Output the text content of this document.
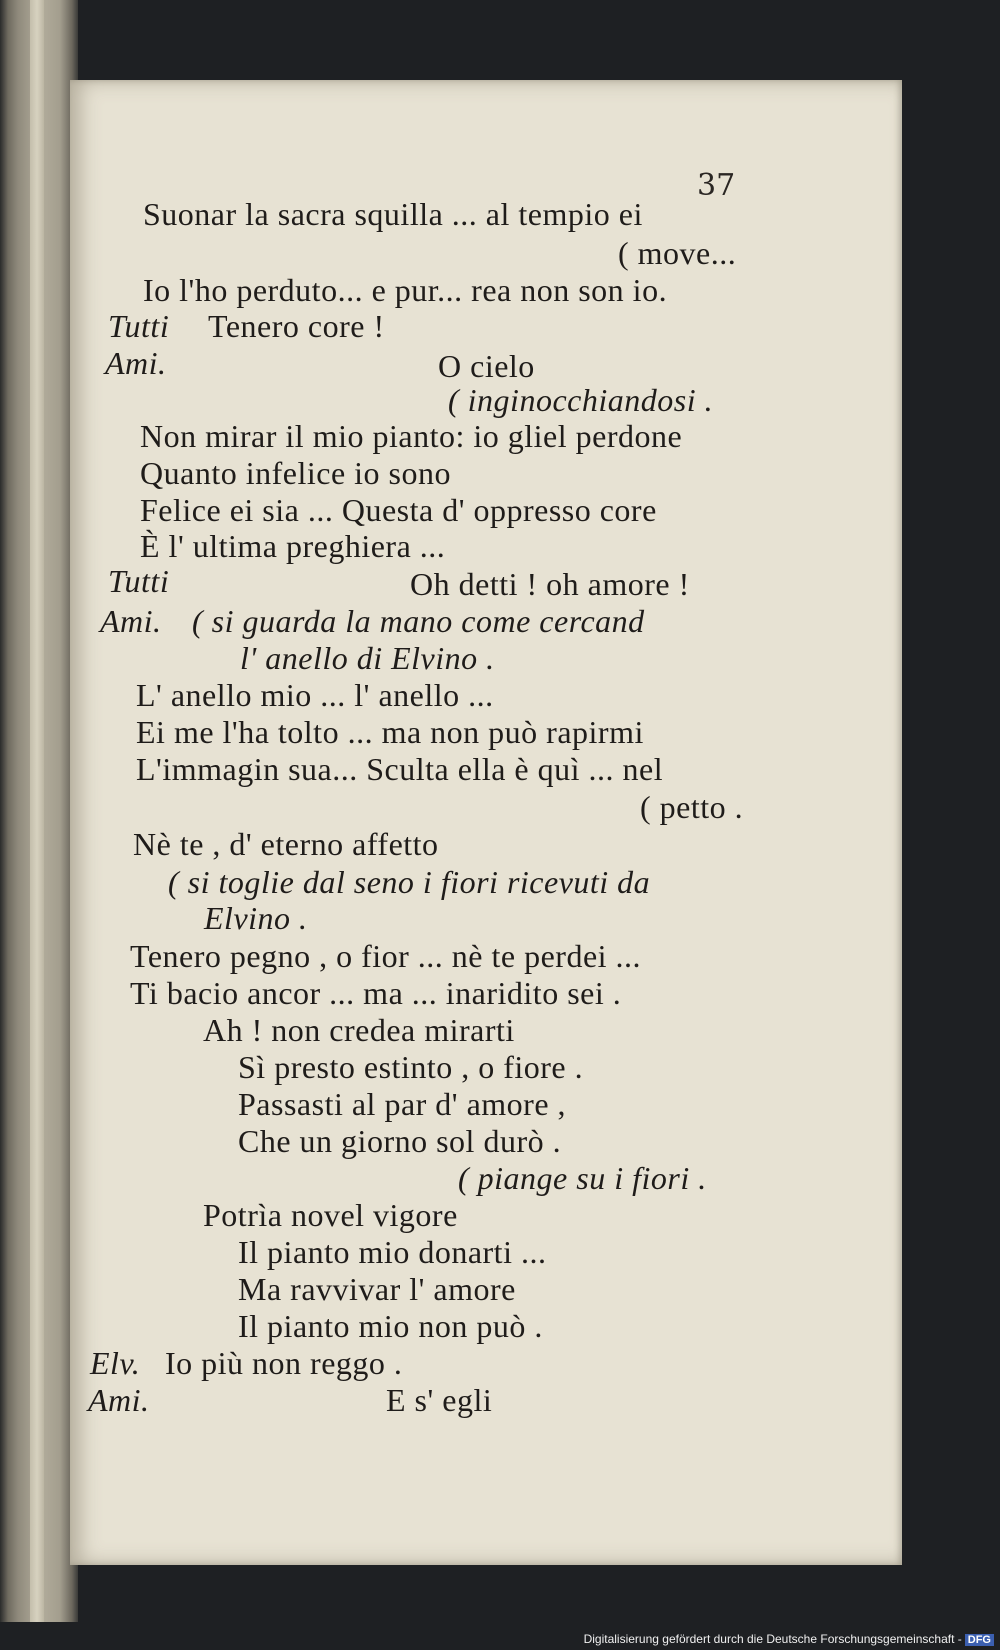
37
Suonar la sacra squilla ... al tempio ei
( move...
Io l'ho perduto... e pur... rea non son io.
Tutti Tenero core !
Ami.	O cielo
( inginocchiandosi .
Non mirar il mio pianto: io gliel perdone
Quanto infelice io sono
Felice ei sia ... Questa d' oppresso core
È l' ultima preghiera ...
Tutti	Oh detti ! oh amore !
Ami. ( si guarda la mano come cercand
l' anello di Elvino .
L' anello mio ... l' anello ...
Ei me l'ha tolto ... ma non può rapirmi
L'immagin sua... Sculta ella è quì ... nel
( petto .
Nè te , d' eterno affetto
( si toglie dal seno i fiori ricevuti da
Elvino .
Tenero pegno , o fior ... nè te perdei ...
Ti bacio ancor ... ma ... inaridito sei .
Ah ! non credea mirarti
Sì presto estinto , o fiore .
Passasti al par d' amore ,
Che un giorno sol durò .
( piange su i fiori .
Potrìa novel vigore
Il pianto mio donarti ...
Ma ravvivar l' amore
Il pianto mio non può .
Elv. Io più non reggo .
Ami.	E s' egli
Digitalisierung gefördert durch die Deutsche Forschungsgemeinschaft - DFG
